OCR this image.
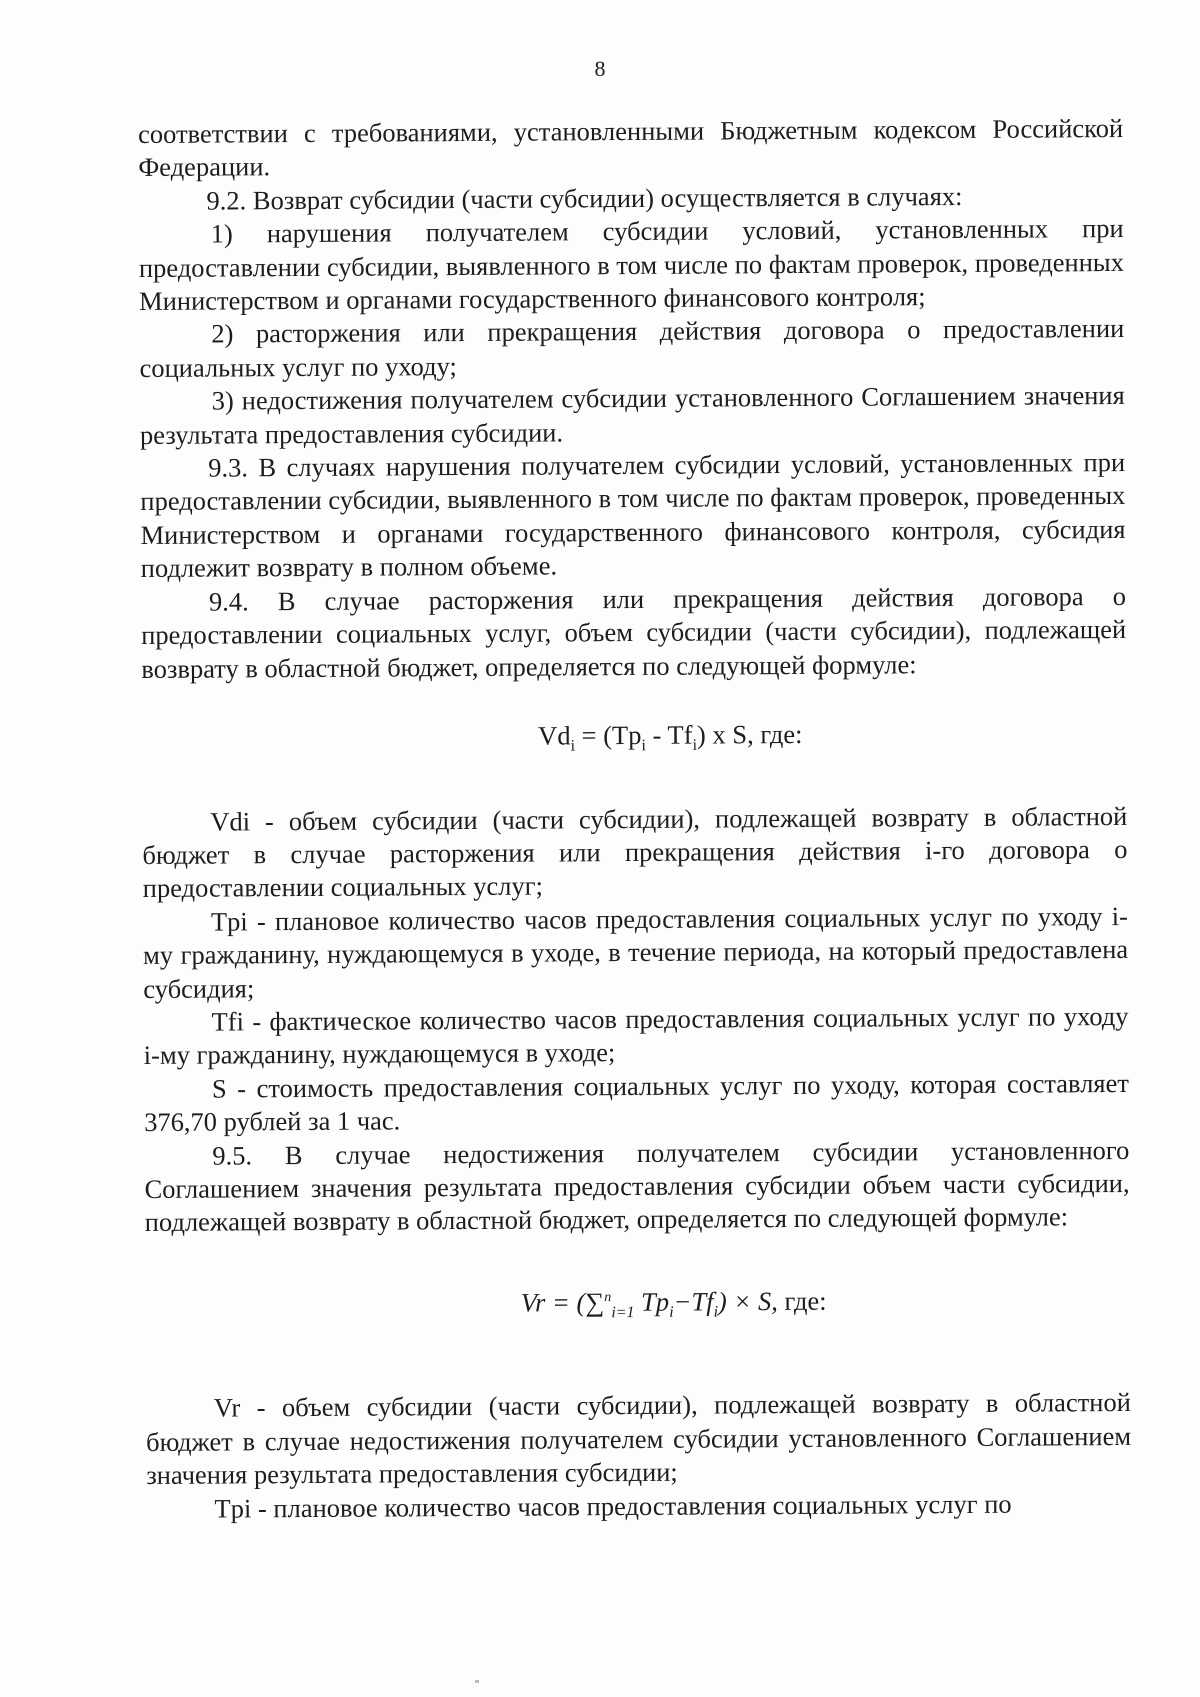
8

соответствии с требованиями, установленными Бюджетным кодексом Российской Федерации.

9.2. Возврат субсидии (части субсидии) осуществляется в случаях:

1) нарушения получателем субсидии условий, установленных при предоставлении субсидии, выявленного в том числе по фактам проверок, проведенных Министерством и органами государственного финансового контроля;

2) расторжения или прекращения действия договора о предоставлении социальных услуг по уходу;

3) недостижения получателем субсидии установленного Соглашением значения результата предоставления субсидии.

9.3. В случаях нарушения получателем субсидии условий, установленных при предоставлении субсидии, выявленного в том числе по фактам проверок, проведенных Министерством и органами государственного финансового контроля, субсидия подлежит возврату в полном объеме.

9.4. В случае расторжения или прекращения действия договора о предоставлении социальных услуг, объем субсидии (части субсидии), подлежащей возврату в областной бюджет, определяется по следующей формуле:

$Vd_i = (Tp_i - Tf_i)$ x S, где:

Vdi - объем субсидии (части субсидии), подлежащей возврату в областной бюджет в случае расторжения или прекращения действия i-го договора о предоставлении социальных услуг;

Tpi - плановое количество часов предоставления социальных услуг по уходу i-му гражданину, нуждающемуся в уходе, в течение периода, на который предоставлена субсидия;

Tfi - фактическое количество часов предоставления социальных услуг по уходу i-му гражданину, нуждающемуся в уходе;

S - стоимость предоставления социальных услуг по уходу, которая составляет 376,70 рублей за 1 час.

9.5. В случае недостижения получателем субсидии установленного Соглашением значения результата предоставления субсидии объем части субсидии, подлежащей возврату в областной бюджет, определяется по следующей формуле:

Vr = (∑$^n_{i=1}$ $Tp_i-Tf_i) \times S$, где:

Vr - объем субсидии (части субсидии), подлежащей возврату в областной бюджет в случае недостижения получателем субсидии установленного Соглашением значения результата предоставления субсидии;

Tpi - плановое количество часов предоставления социальных услуг по
